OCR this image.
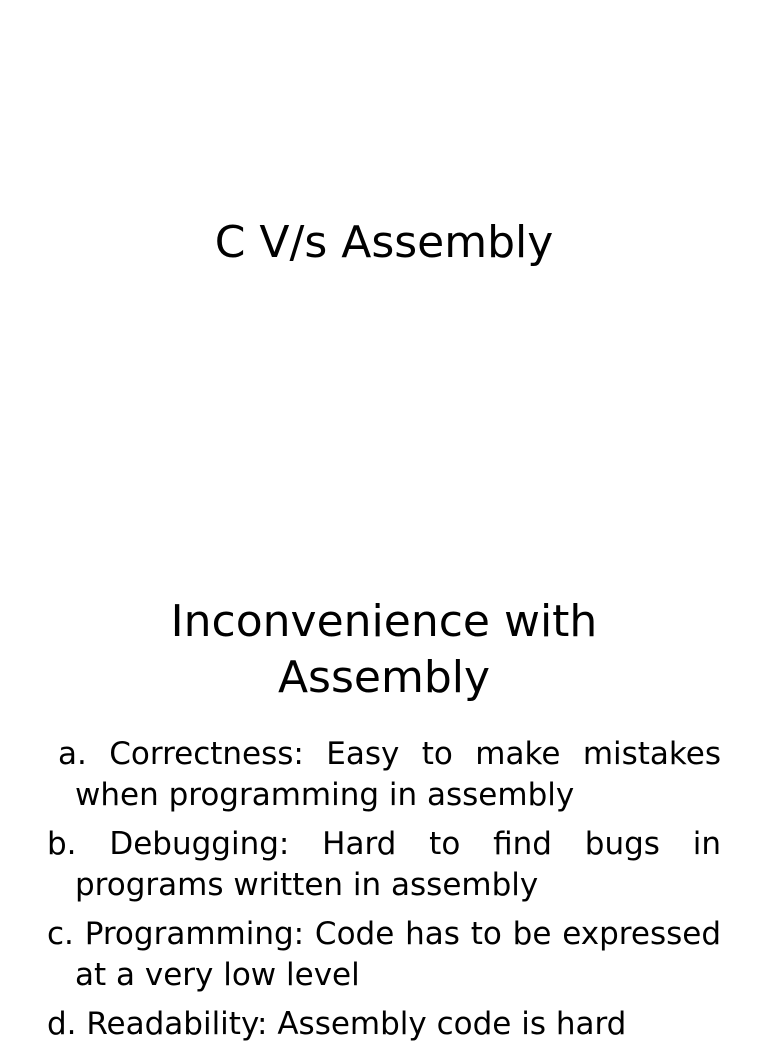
C V/s Assembly
Inconvenience with Assembly
a. Correctness: Easy to make mistakes when programming in assembly
b. Debugging: Hard to find bugs in programs written in assembly
c. Programming: Code has to be expressed at a very low level
d. Readability: Assembly code is hard
